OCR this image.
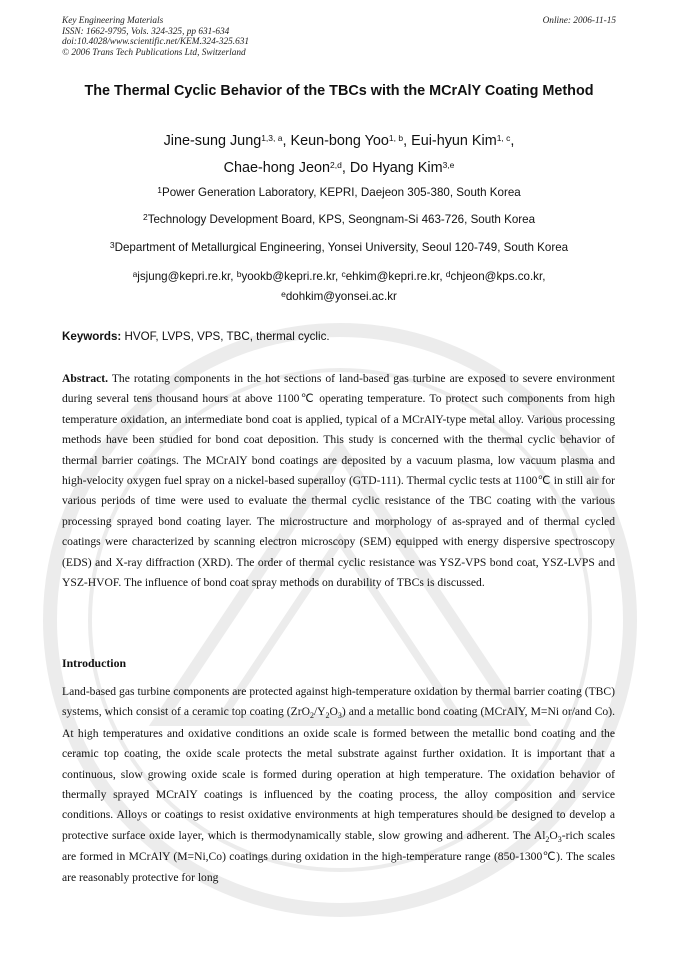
Key Engineering Materials
ISSN: 1662-9795, Vols. 324-325, pp 631-634
doi:10.4028/www.scientific.net/KEM.324-325.631
© 2006 Trans Tech Publications Ltd, Switzerland
Online: 2006-11-15
The Thermal Cyclic Behavior of the TBCs with the MCrAlY Coating Method
Jine-sung Jung$^{1,3, a}$, Keun-bong Yoo$^{1, b}$, Eui-hyun Kim$^{1, c}$,
Chae-hong Jeon$^{2,d}$, Do Hyang Kim$^{3,e}$
$^1$Power Generation Laboratory, KEPRI, Daejeon 305-380, South Korea
$^2$Technology Development Board, KPS, Seongnam-Si 463-726, South Korea
$^3$Department of Metallurgical Engineering, Yonsei University, Seoul 120-749, South Korea
$^a$jsjung@kepri.re.kr, $^b$yookb@kepri.re.kr, $^c$ehkim@kepri.re.kr, $^d$chjeon@kps.co.kr,
$^e$dohkim@yonsei.ac.kr
Keywords: HVOF, LVPS, VPS, TBC, thermal cyclic.
Abstract. The rotating components in the hot sections of land-based gas turbine are exposed to severe environment during several tens thousand hours at above 1100℃ operating temperature. To protect such components from high temperature oxidation, an intermediate bond coat is applied, typical of a MCrAlY-type metal alloy. Various processing methods have been studied for bond coat deposition. This study is concerned with the thermal cyclic behavior of thermal barrier coatings. The MCrAlY bond coatings are deposited by a vacuum plasma, low vacuum plasma and high-velocity oxygen fuel spray on a nickel-based superalloy (GTD-111). Thermal cyclic tests at 1100℃ in still air for various periods of time were used to evaluate the thermal cyclic resistance of the TBC coating with the various processing sprayed bond coating layer. The microstructure and morphology of as-sprayed and of thermal cycled coatings were characterized by scanning electron microscopy (SEM) equipped with energy dispersive spectroscopy (EDS) and X-ray diffraction (XRD). The order of thermal cyclic resistance was YSZ-VPS bond coat, YSZ-LVPS and YSZ-HVOF. The influence of bond coat spray methods on durability of TBCs is discussed.
Introduction
Land-based gas turbine components are protected against high-temperature oxidation by thermal barrier coating (TBC) systems, which consist of a ceramic top coating $(ZrO_2/Y_2O_3)$ and a metallic bond coating (MCrAlY, M=Ni or/and Co). At high temperatures and oxidative conditions an oxide scale is formed between the metallic bond coating and the ceramic top coating, the oxide scale protects the metal substrate against further oxidation. It is important that a continuous, slow growing oxide scale is formed during operation at high temperature. The oxidation behavior of thermally sprayed MCrAlY coatings is influenced by the coating process, the alloy composition and service conditions. Alloys or coatings to resist oxidative environments at high temperatures should be designed to develop a protective surface oxide layer, which is thermodynamically stable, slow growing and adherent. The $Al_2O_3$-rich scales are formed in MCrAlY (M=Ni,Co) coatings during oxidation in the high-temperature range (850-1300℃). The scales are reasonably protective for long
